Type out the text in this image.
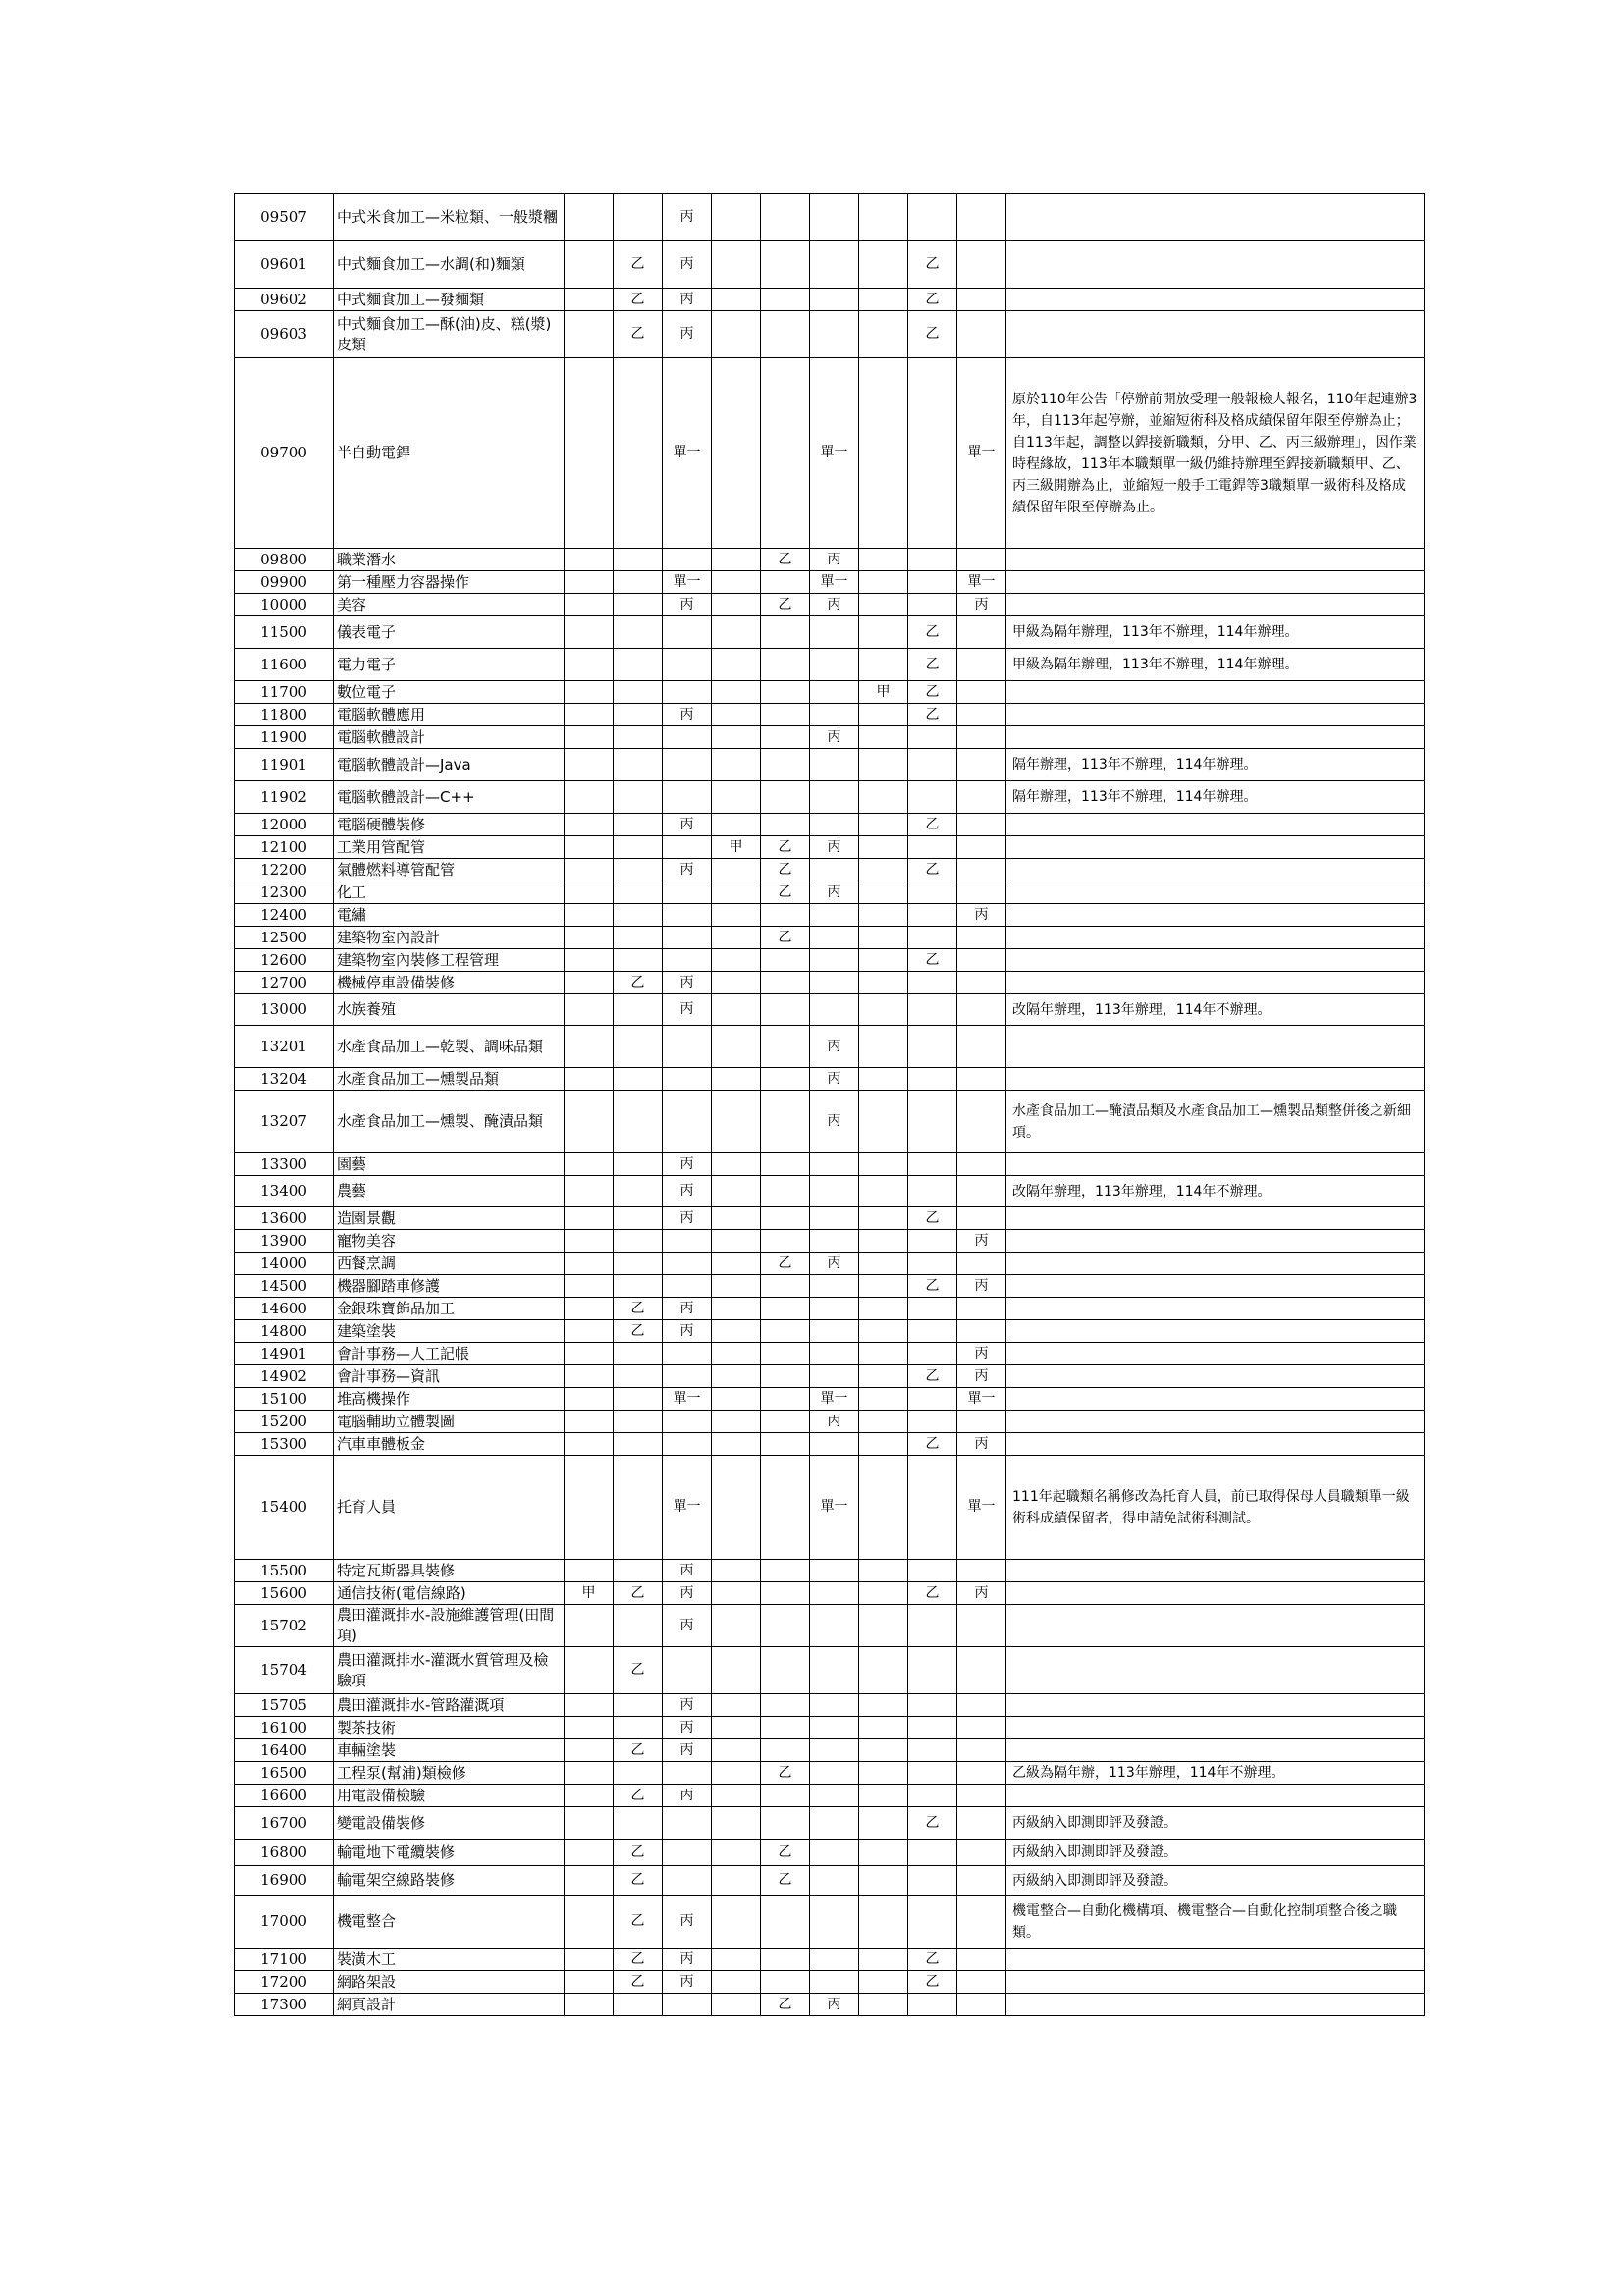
09507	中式米食加工—米粒類、一般漿糰			丙							
09601	中式麵食加工—水調(和)麵類		乙	丙					乙		
09602	中式麵食加工—發麵類		乙	丙					乙		
09603	中式麵食加工—酥(油)皮、糕(漿)皮類		乙	丙					乙		
09700	半自動電銲			單一			單一			單一	原於110年公告「停辦前開放受理一般報檢人報名，110年起連辦3年，自113年起停辦，並縮短術科及格成績保留年限至停辦為止；自113年起，調整以銲接新職類，分甲、乙、丙三級辦理」，因作業時程緣故，113年本職類單一級仍維持辦理至銲接新職類甲、乙、丙三級開辦為止，並縮短一般手工電銲等3職類單一級術科及格成績保留年限至停辦為止。
09800	職業潛水					乙	丙				
09900	第一種壓力容器操作			單一			單一			單一	
10000	美容			丙		乙	丙			丙	
11500	儀表電子								乙		甲級為隔年辦理，113年不辦理，114年辦理。
11600	電力電子								乙		甲級為隔年辦理，113年不辦理，114年辦理。
11700	數位電子							甲	乙		
11800	電腦軟體應用			丙					乙		
11900	電腦軟體設計						丙				
11901	電腦軟體設計—Java										隔年辦理，113年不辦理，114年辦理。
11902	電腦軟體設計—C++										隔年辦理，113年不辦理，114年辦理。
12000	電腦硬體裝修			丙					乙		
12100	工業用管配管				甲	乙	丙				
12200	氣體燃料導管配管			丙		乙			乙		
12300	化工					乙	丙				
12400	電繡									丙	
12500	建築物室內設計					乙					
12600	建築物室內裝修工程管理								乙		
12700	機械停車設備裝修		乙	丙							
13000	水族養殖			丙							改隔年辦理，113年辦理，114年不辦理。
13201	水產食品加工—乾製、調味品類						丙				
13204	水產食品加工—燻製品類						丙				
13207	水產食品加工—燻製、醃漬品類						丙				水產食品加工—醃漬品類及水產食品加工—燻製品類整併後之新細項。
13300	園藝			丙							
13400	農藝			丙							改隔年辦理，113年辦理，114年不辦理。
13600	造園景觀			丙					乙		
13900	寵物美容									丙	
14000	西餐烹調					乙	丙				
14500	機器腳踏車修護								乙	丙	
14600	金銀珠寶飾品加工		乙	丙							
14800	建築塗裝		乙	丙							
14901	會計事務—人工記帳									丙	
14902	會計事務—資訊								乙	丙	
15100	堆高機操作			單一			單一			單一	
15200	電腦輔助立體製圖						丙				
15300	汽車車體板金								乙	丙	
15400	托育人員			單一			單一			單一	111年起職類名稱修改為托育人員，前已取得保母人員職類單一級術科成績保留者，得申請免試術科測試。
15500	特定瓦斯器具裝修			丙							
15600	通信技術(電信線路)	甲	乙	丙					乙	丙	
15702	農田灌溉排水-設施維護管理(田間項)			丙							
15704	農田灌溉排水-灌溉水質管理及檢驗項		乙								
15705	農田灌溉排水-管路灌溉項			丙							
16100	製茶技術			丙							
16400	車輛塗裝		乙	丙							
16500	工程泵(幫浦)類檢修					乙					乙級為隔年辦，113年辦理，114年不辦理。
16600	用電設備檢驗		乙	丙							
16700	變電設備裝修								乙		丙級納入即測即評及發證。
16800	輸電地下電纜裝修		乙			乙					丙級納入即測即評及發證。
16900	輸電架空線路裝修		乙			乙					丙級納入即測即評及發證。
17000	機電整合		乙	丙							機電整合—自動化機構項、機電整合—自動化控制項整合後之職類。
17100	裝潢木工		乙	丙					乙		
17200	網路架設		乙	丙					乙		
17300	網頁設計					乙	丙				
